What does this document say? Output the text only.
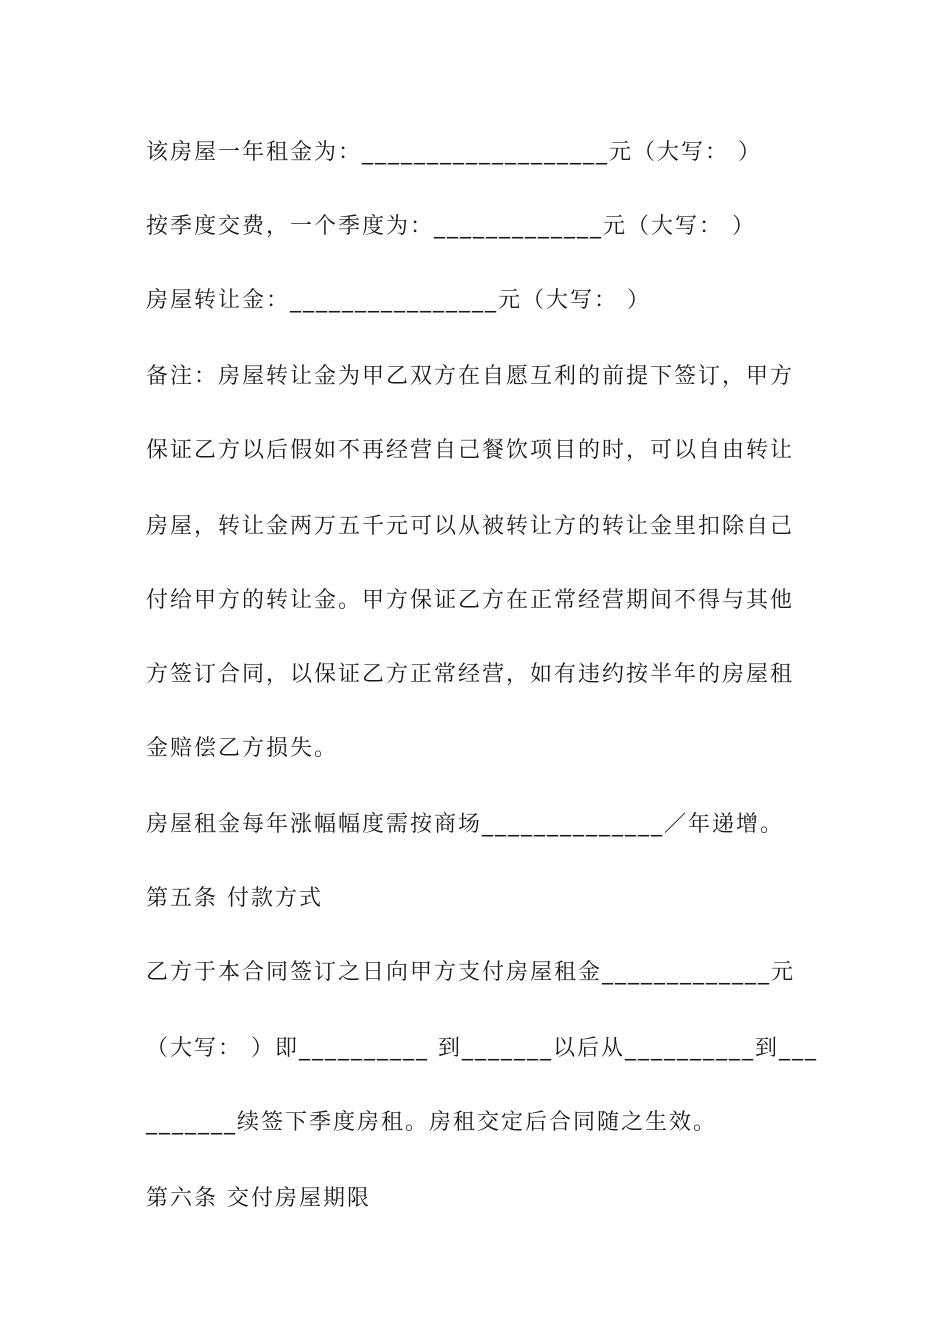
该房屋一年租金为：___________________元（大写： ）
按季度交费，一个季度为：_____________元（大写： ）
房屋转让金：________________元（大写： ）
备注：房屋转让金为甲乙双方在自愿互利的前提下签订，甲方
保证乙方以后假如不再经营自己餐饮项目的时，可以自由转让
房屋，转让金两万五千元可以从被转让方的转让金里扣除自己
付给甲方的转让金。甲方保证乙方在正常经营期间不得与其他
方签订合同，以保证乙方正常经营，如有违约按半年的房屋租
金赔偿乙方损失。
房屋租金每年涨幅幅度需按商场______________／年递增。
第五条 付款方式
乙方于本合同签订之日向甲方支付房屋租金_____________元
（大写： ）即__________ 到_______以后从__________到___
_______续签下季度房租。房租交定后合同随之生效。
第六条 交付房屋期限
